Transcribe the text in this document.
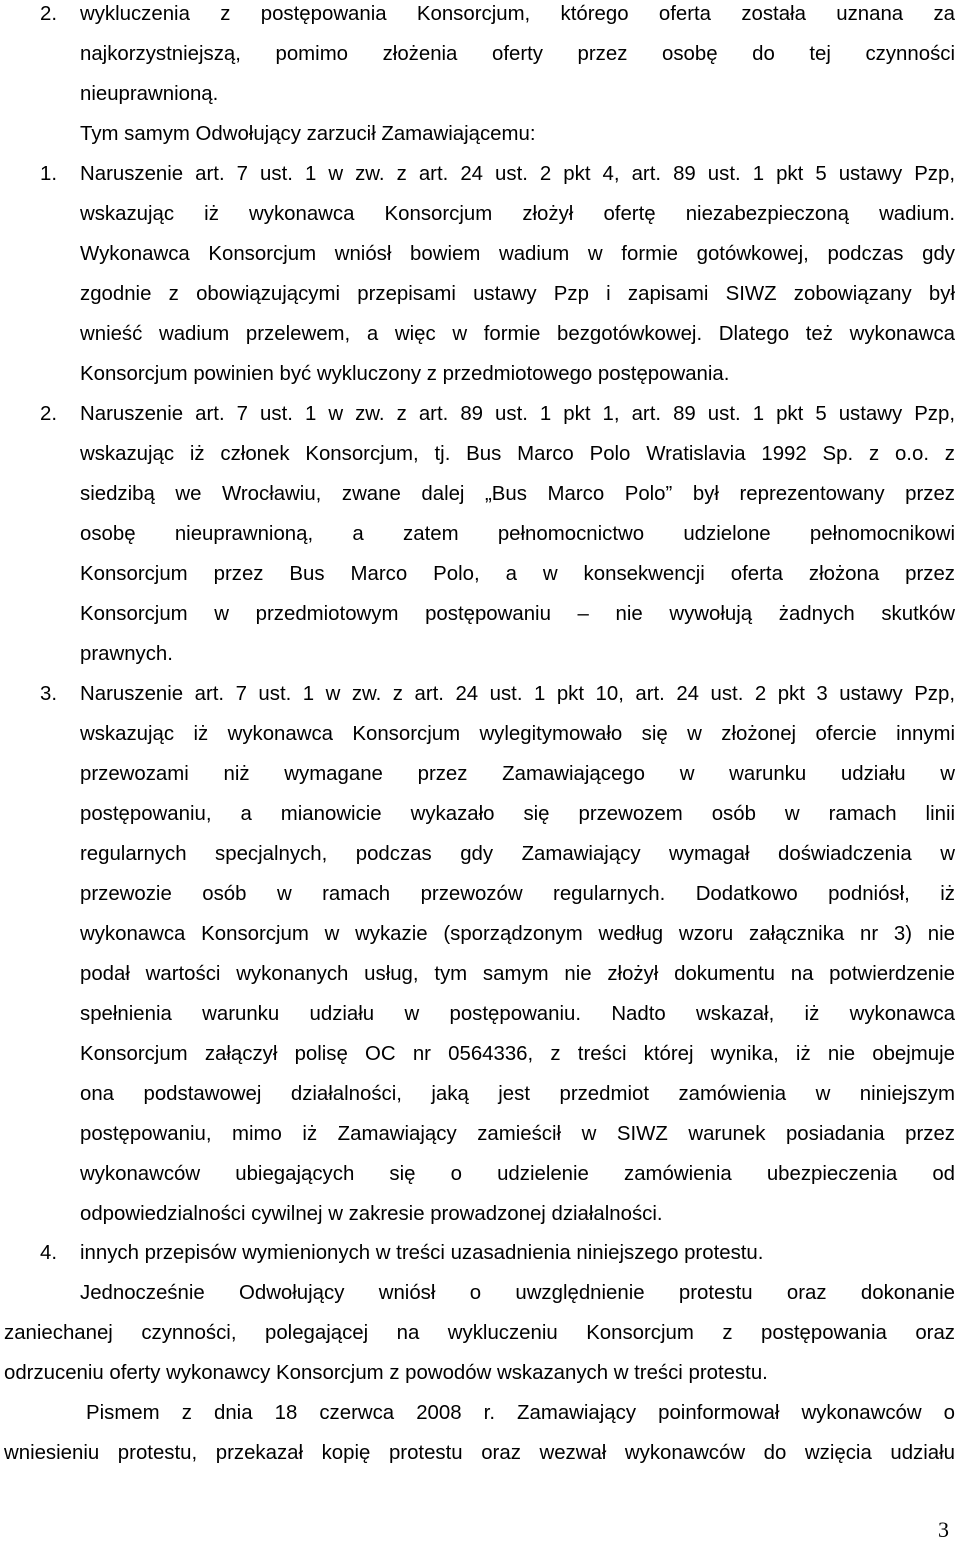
2. wykluczenia z postępowania Konsorcjum, którego oferta została uznana za
najkorzystniejszą, pomimo złożenia oferty przez osobę do tej czynności
nieuprawnioną.
Tym samym Odwołujący zarzucił Zamawiającemu:
1. Naruszenie art. 7 ust. 1 w zw. z art. 24 ust. 2 pkt 4, art. 89 ust. 1 pkt 5 ustawy Pzp,
wskazując iż wykonawca Konsorcjum złożył ofertę niezabezpieczoną wadium.
Wykonawca Konsorcjum wniósł bowiem wadium w formie gotówkowej, podczas gdy
zgodnie z obowiązującymi przepisami ustawy Pzp i zapisami SIWZ zobowiązany był
wnieść wadium przelewem, a więc w formie bezgotówkowej. Dlatego też wykonawca
Konsorcjum powinien być wykluczony z przedmiotowego postępowania.
2. Naruszenie art. 7 ust. 1 w zw. z art. 89 ust. 1 pkt 1, art. 89 ust. 1 pkt 5 ustawy Pzp,
wskazując iż członek Konsorcjum, tj. Bus Marco Polo Wratislavia 1992 Sp. z o.o. z
siedzibą we Wrocławiu, zwane dalej „Bus Marco Polo” był reprezentowany przez
osobę nieuprawnioną, a zatem pełnomocnictwo udzielone pełnomocnikowi
Konsorcjum przez Bus Marco Polo, a w konsekwencji oferta złożona przez
Konsorcjum w przedmiotowym postępowaniu – nie wywołują żadnych skutków
prawnych.
3. Naruszenie art. 7 ust. 1 w zw. z art. 24 ust. 1 pkt 10, art. 24 ust. 2 pkt 3 ustawy Pzp,
wskazując iż wykonawca Konsorcjum wylegitymowało się w złożonej ofercie innymi
przewozami niż wymagane przez Zamawiającego w warunku udziału w
postępowaniu, a mianowicie wykazało się przewozem osób w ramach linii
regularnych specjalnych, podczas gdy Zamawiający wymagał doświadczenia w
przewozie osób w ramach przewozów regularnych. Dodatkowo podniósł, iż
wykonawca Konsorcjum w wykazie (sporządzonym według wzoru załącznika nr 3) nie
podał wartości wykonanych usług, tym samym nie złożył dokumentu na potwierdzenie
spełnienia warunku udziału w postępowaniu. Nadto wskazał, iż wykonawca
Konsorcjum załączył polisę OC nr 0564336, z treści której wynika, iż nie obejmuje
ona podstawowej działalności, jaką jest przedmiot zamówienia w niniejszym
postępowaniu, mimo iż Zamawiający zamieścił w SIWZ warunek posiadania przez
wykonawców ubiegających się o udzielenie zamówienia ubezpieczenia od
odpowiedzialności cywilnej w zakresie prowadzonej działalności.
4. innych przepisów wymienionych w treści uzasadnienia niniejszego protestu.
Jednocześnie Odwołujący wniósł o uwzględnienie protestu oraz dokonanie
zaniechanej czynności, polegającej na wykluczeniu Konsorcjum z postępowania oraz
odrzuceniu oferty wykonawcy Konsorcjum z powodów wskazanych w treści protestu.
Pismem z dnia 18 czerwca 2008 r. Zamawiający poinformował wykonawców o
wniesieniu protestu, przekazał kopię protestu oraz wezwał wykonawców do wzięcia udziału
3
